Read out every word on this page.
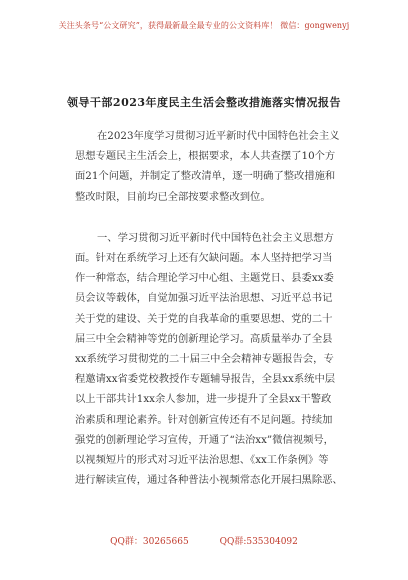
关注头条号“公文研究”，获得最新最全最专业的公文资料库！ 微信：gongwenyj
领导干部2023年度民主生活会整改措施落实情况报告

在2023年度学习贯彻习近平新时代中国特色社会主义
思想专题民主生活会上，根据要求，本人共查摆了10个方
面21个问题，并制定了整改清单，逐一明确了整改措施和
整改时限，目前均已全部按要求整改到位。

一、学习贯彻习近平新时代中国特色社会主义思想方
面。针对在系统学习上还有欠缺问题。本人坚持把学习当
作一种常态，结合理论学习中心组、主题党日、县委xx委
员会议等载体，自觉加强习近平法治思想、习近平总书记
关于党的建设、关于党的自我革命的重要思想、党的二十
届三中全会精神等党的创新理论学习。高质量举办了全县
xx系统学习贯彻党的二十届三中全会精神专题报告会，专
程邀请xx省委党校教授作专题辅导报告，全县xx系统中层
以上干部共计1xx余人参加，进一步提升了全县xx干警政
治素质和理论素养。针对创新宣传还有不足问题。持续加
强党的创新理论学习宣传，开通了“法治xx”微信视频号，
以视频短片的形式对习近平法治思想、《xx工作条例》等
进行解读宣传，通过各种普法小视频常态化开展扫黑除恶、

QQ群：30265665	QQ群:535304092
